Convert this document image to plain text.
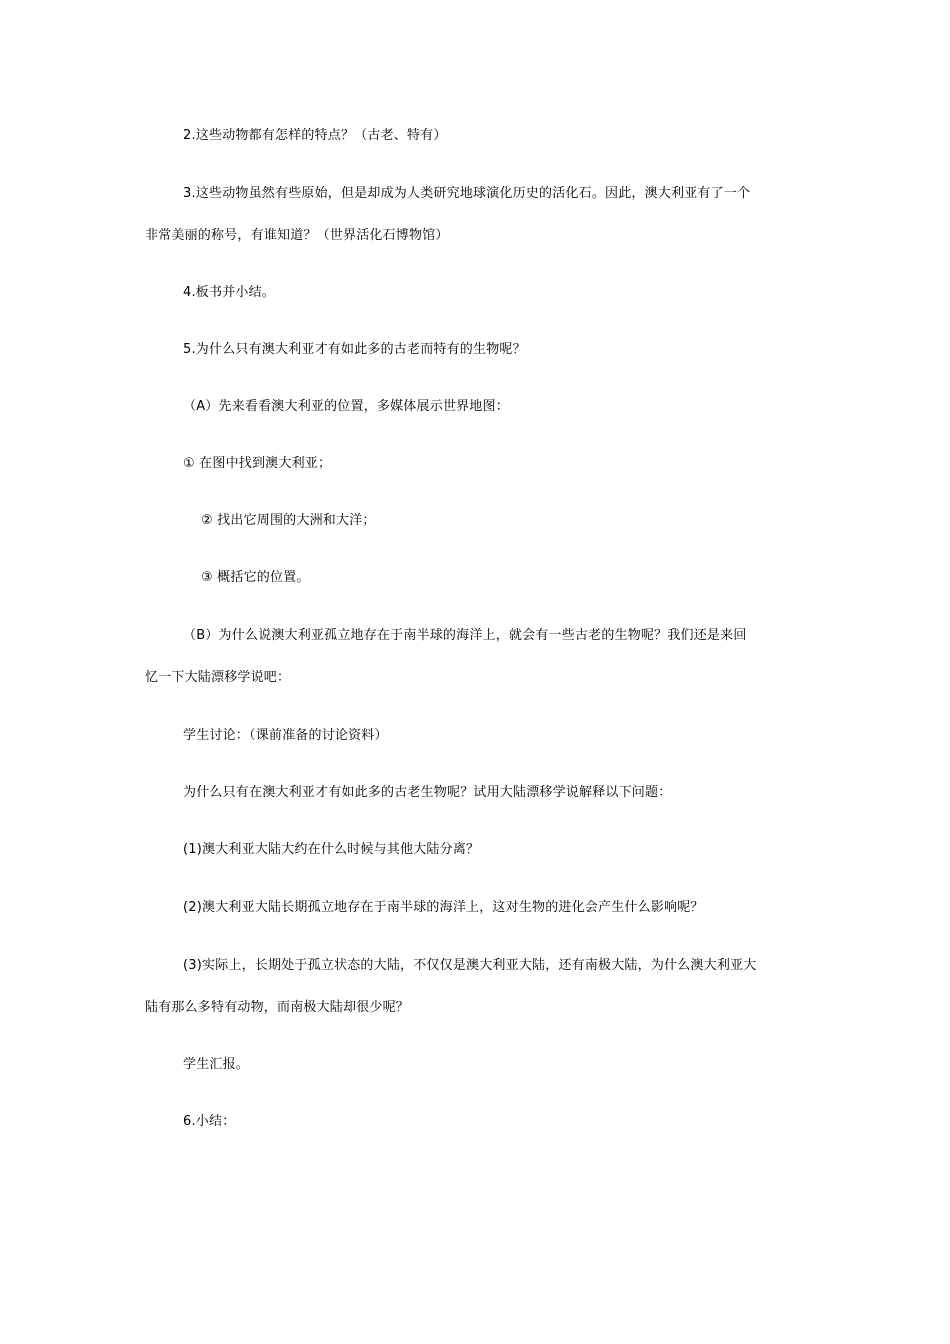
2.这些动物都有怎样的特点？（古老、特有）
3.这些动物虽然有些原始，但是却成为人类研究地球演化历史的活化石。因此，澳大利亚有了一个
非常美丽的称号，有谁知道？（世界活化石博物馆）
4.板书并小结。
5.为什么只有澳大利亚才有如此多的古老而特有的生物呢？
（A）先来看看澳大利亚的位置，多媒体展示世界地图：
① 在图中找到澳大利亚；
② 找出它周围的大洲和大洋；
③ 概括它的位置。
（B）为什么说澳大利亚孤立地存在于南半球的海洋上，就会有一些古老的生物呢？我们还是来回
忆一下大陆漂移学说吧：
学生讨论：（课前准备的讨论资料）
为什么只有在澳大利亚才有如此多的古老生物呢？试用大陆漂移学说解释以下问题：
(1)澳大利亚大陆大约在什么时候与其他大陆分离？
(2)澳大利亚大陆长期孤立地存在于南半球的海洋上，这对生物的进化会产生什么影响呢？
(3)实际上，长期处于孤立状态的大陆，不仅仅是澳大利亚大陆，还有南极大陆，为什么澳大利亚大
陆有那么多特有动物，而南极大陆却很少呢？
学生汇报。
6.小结：
